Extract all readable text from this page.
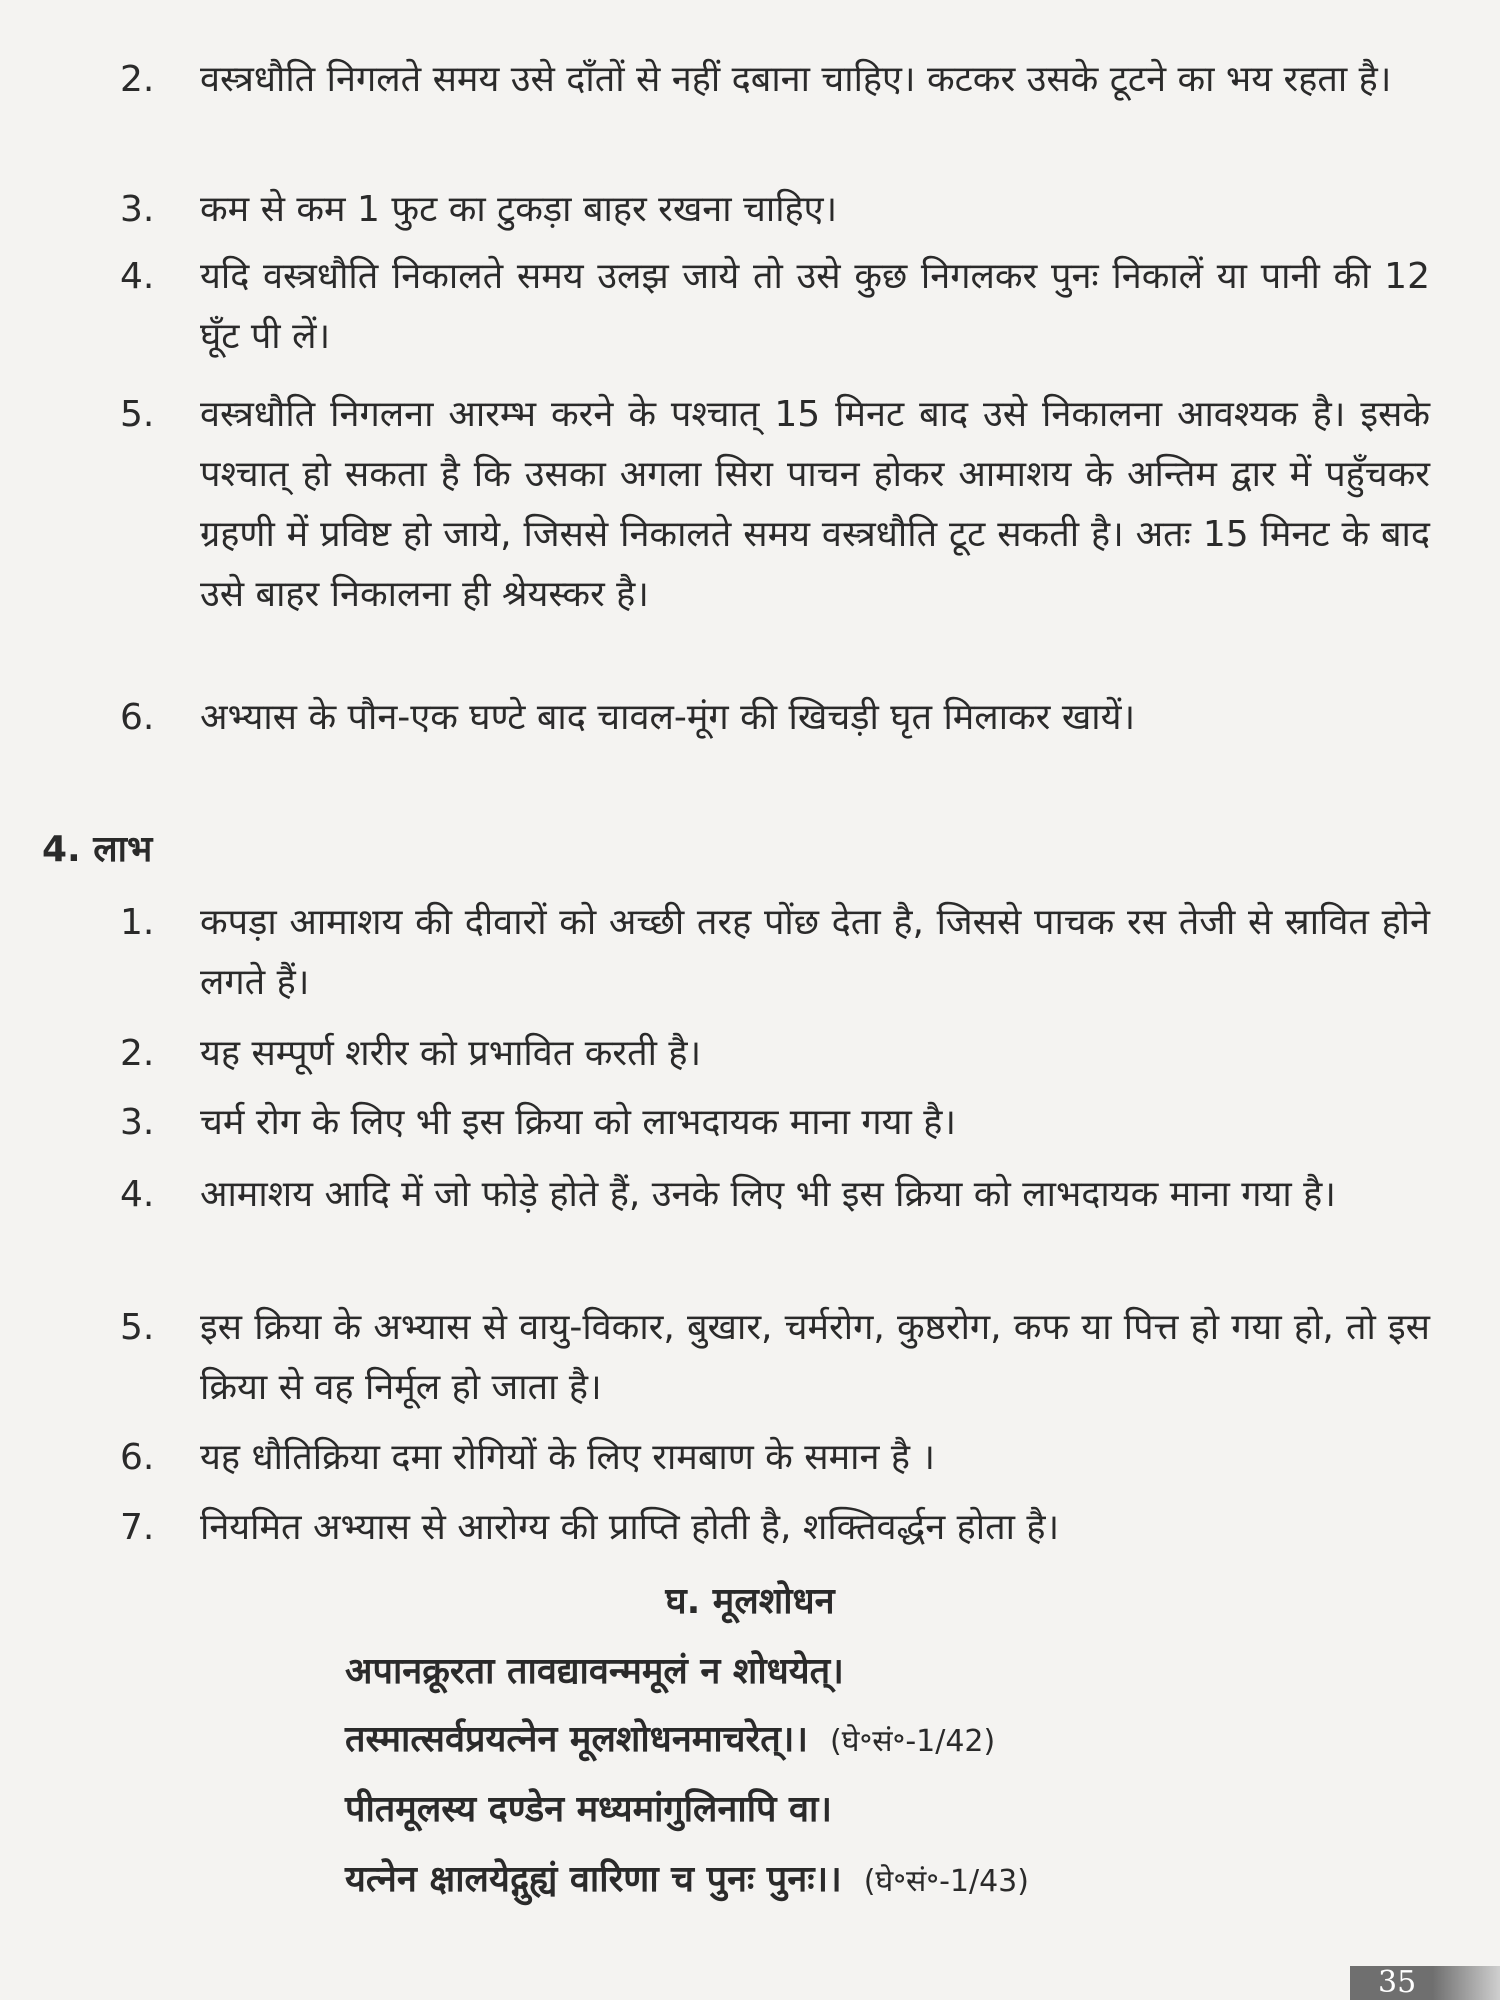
2.	वस्त्रधौति निगलते समय उसे दाँतों से नहीं दबाना चाहिए। कटकर उसके टूटने का भय रहता है।
3.	कम से कम 1 फुट का टुकड़ा बाहर रखना चाहिए।
4.	यदि वस्त्रधौति निकालते समय उलझ जाये तो उसे कुछ निगलकर पुनः निकालें या पानी की 12 घूँट पी लें।
5.	वस्त्रधौति निगलना आरम्भ करने के पश्चात् 15 मिनट बाद उसे निकालना आवश्यक है। इसके पश्चात् हो सकता है कि उसका अगला सिरा पाचन होकर आमाशय के अन्तिम द्वार में पहुँचकर ग्रहणी में प्रविष्ट हो जाये, जिससे निकालते समय वस्त्रधौति टूट सकती है। अतः 15 मिनट के बाद उसे बाहर निकालना ही श्रेयस्कर है।
6.	अभ्यास के पौन-एक घण्टे बाद चावल-मूंग की खिचड़ी घृत मिलाकर खायें।
4. लाभ
1.	कपड़ा आमाशय की दीवारों को अच्छी तरह पोंछ देता है, जिससे पाचक रस तेजी से स्रावित होने लगते हैं।
2.	यह सम्पूर्ण शरीर को प्रभावित करती है।
3.	चर्म रोग के लिए भी इस क्रिया को लाभदायक माना गया है।
4.	आमाशय आदि में जो फोड़े होते हैं, उनके लिए भी इस क्रिया को लाभदायक माना गया है।
5.	इस क्रिया के अभ्यास से वायु-विकार, बुखार, चर्मरोग, कुष्ठरोग, कफ या पित्त हो गया हो, तो इस क्रिया से वह निर्मूल हो जाता है।
6.	यह धौतिक्रिया दमा रोगियों के लिए रामबाण के समान है ।
7.	नियमित अभ्यास से आरोग्य की प्राप्ति होती है, शक्तिवर्द्धन होता है।
घ. मूलशोधन
अपानक्रूरता तावद्यावन्ममूलं न शोधयेत्।
तस्मात्सर्वप्रयत्नेन मूलशोधनमाचरेत्।। (घे॰सं॰-1/42)
पीतमूलस्य दण्डेन मध्यमांगुलिनापि वा।
यत्नेन क्षालयेद्गुह्यं वारिणा च पुनः पुनः।। (घे॰सं॰-1/43)
35
